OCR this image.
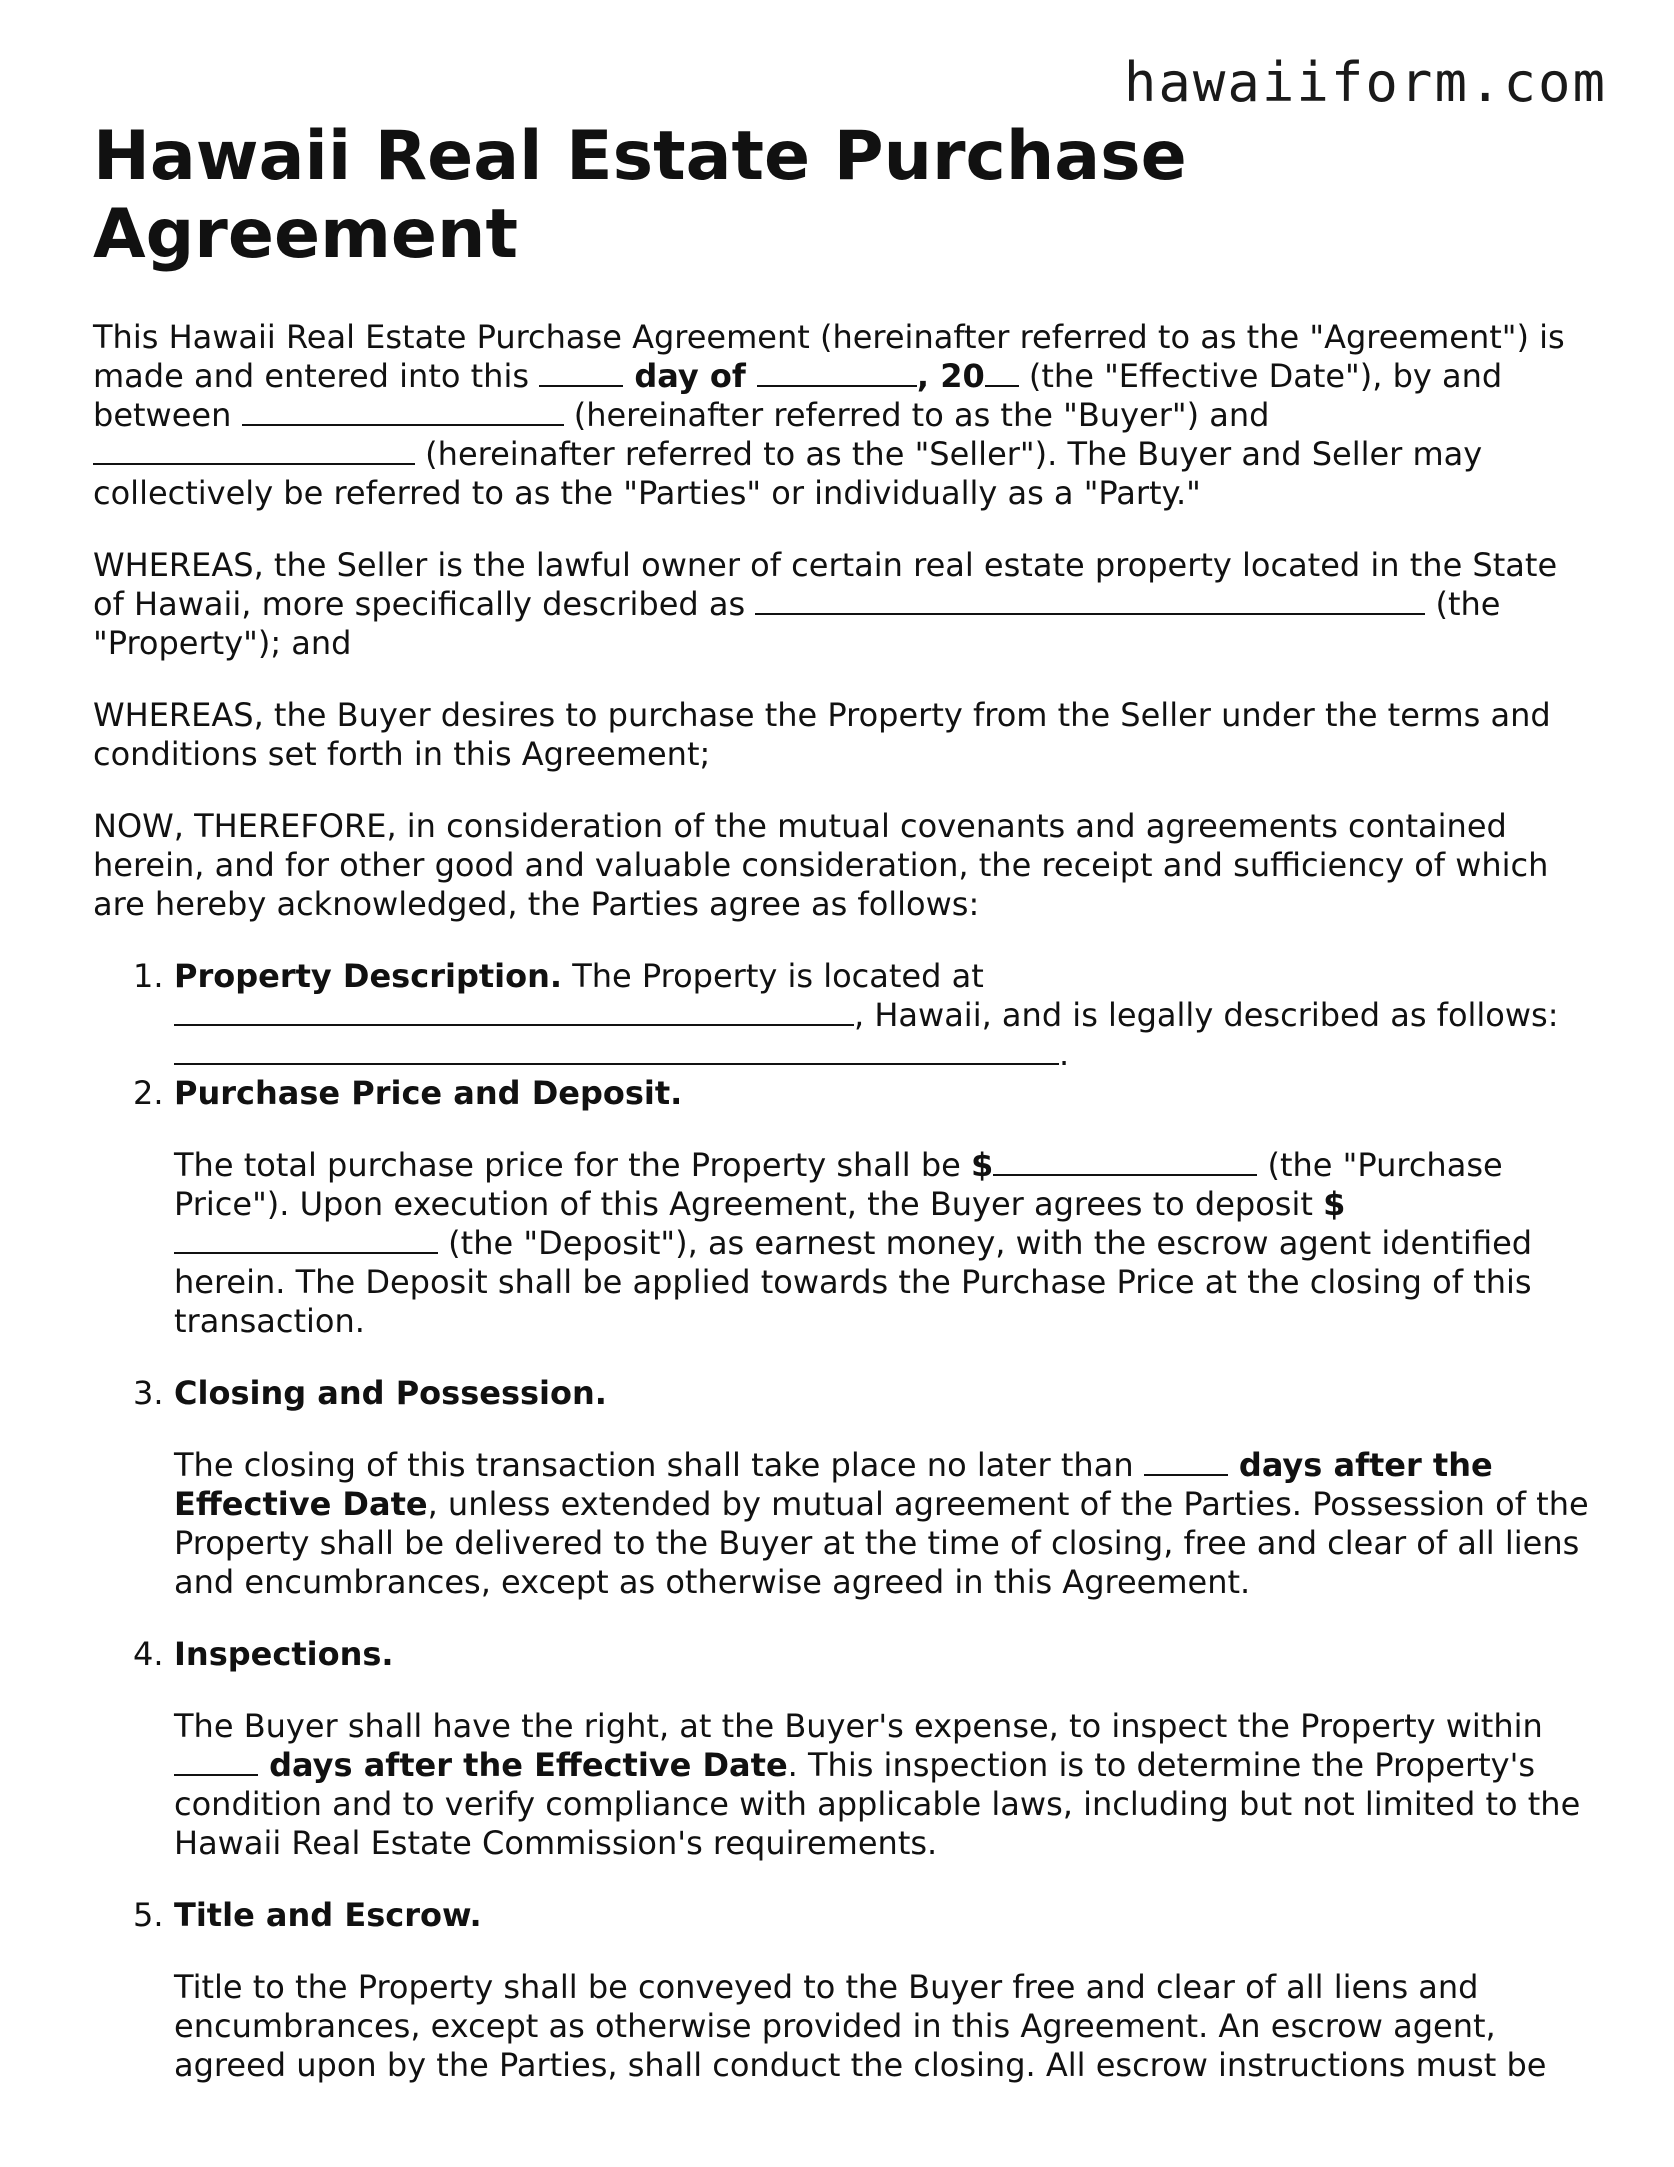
hawaiiform.com
Hawaii Real Estate Purchase Agreement

This Hawaii Real Estate Purchase Agreement (hereinafter referred to as the "Agreement") is made and entered into this	day of	, 20 (the "Effective Date"), by and between	(hereinafter referred to as the "Buyer") and  (hereinafter referred to as the "Seller"). The Buyer and Seller may collectively be referred to as the "Parties" or individually as a "Party."

WHEREAS, the Seller is the lawful owner of certain real estate property located in the State of Hawaii, more specifically described as	(the "Property"); and

WHEREAS, the Buyer desires to purchase the Property from the Seller under the terms and conditions set forth in this Agreement;

NOW, THEREFORE, in consideration of the mutual covenants and agreements contained herein, and for other good and valuable consideration, the receipt and sufficiency of which are hereby acknowledged, the Parties agree as follows:

1. Property Description. The Property is located at , Hawaii, and is legally described as follows: .

2. Purchase Price and Deposit.

The total purchase price for the Property shall be $	(the "Purchase Price"). Upon execution of this Agreement, the Buyer agrees to deposit $ (the "Deposit"), as earnest money, with the escrow agent identified herein. The Deposit shall be applied towards the Purchase Price at the closing of this transaction.

3. Closing and Possession.

The closing of this transaction shall take place no later than	days after the Effective Date, unless extended by mutual agreement of the Parties. Possession of the Property shall be delivered to the Buyer at the time of closing, free and clear of all liens and encumbrances, except as otherwise agreed in this Agreement.

4. Inspections.

The Buyer shall have the right, at the Buyer's expense, to inspect the Property within  days after the Effective Date. This inspection is to determine the Property's condition and to verify compliance with applicable laws, including but not limited to the Hawaii Real Estate Commission's requirements.

5. Title and Escrow.

Title to the Property shall be conveyed to the Buyer free and clear of all liens and encumbrances, except as otherwise provided in this Agreement. An escrow agent, agreed upon by the Parties, shall conduct the closing. All escrow instructions must be
